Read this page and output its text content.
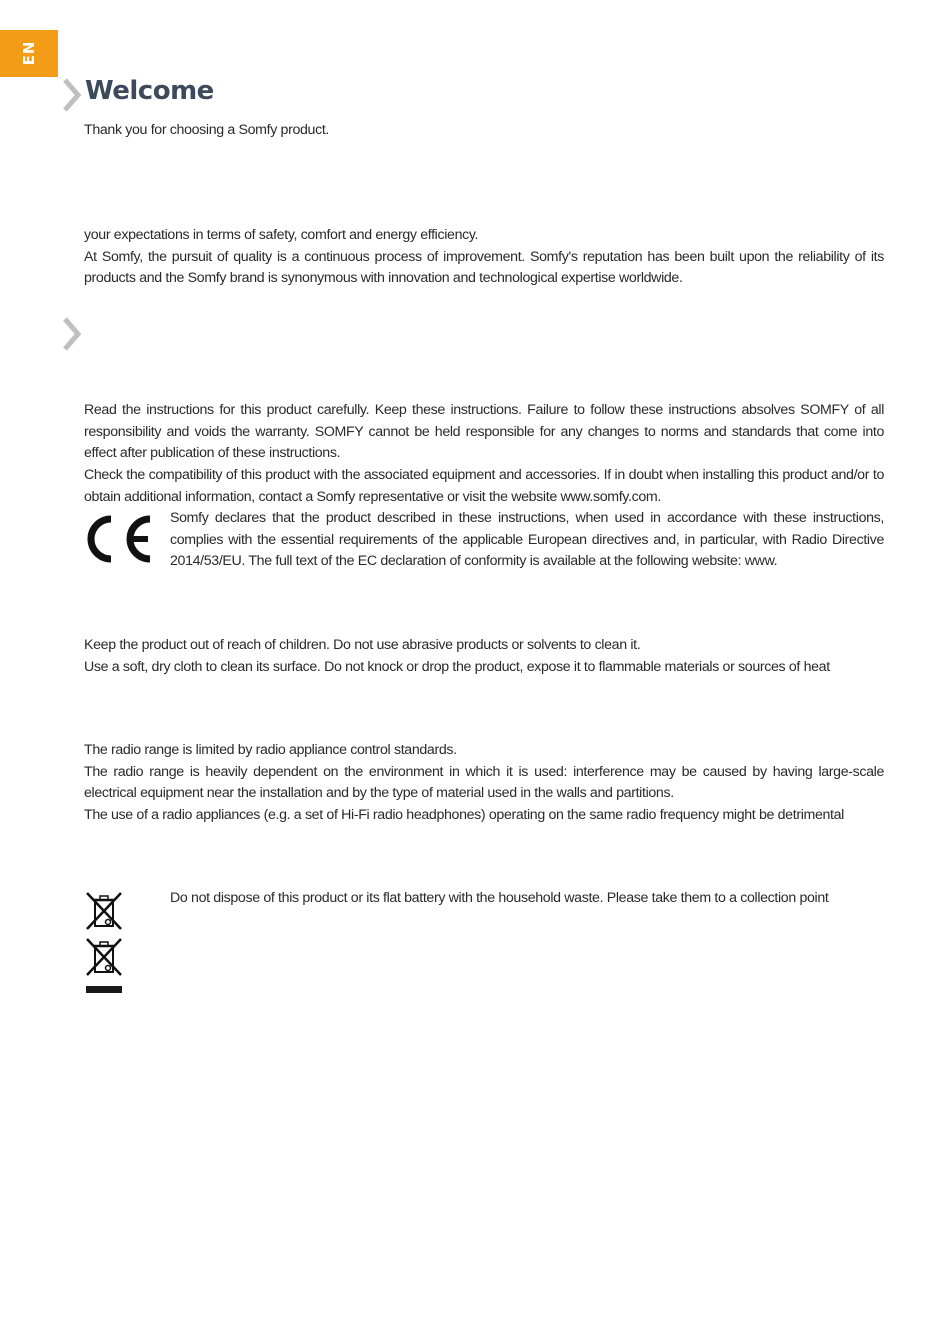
EN
Welcome

Thank you for choosing a Somfy product.

your expectations in terms of safety, comfort and energy efficiency.

At Somfy, the pursuit of quality is a continuous process of improvement. Somfy's reputation has been built upon the reliability of its products and the Somfy brand is synonymous with innovation and technological expertise worldwide.

Read the instructions for this product carefully. Keep these instructions. Failure to follow these instructions absolves SOMFY of all responsibility and voids the warranty. SOMFY cannot be held responsible for any changes to norms and standards that come into effect after publication of these instructions.

Check the compatibility of this product with the associated equipment and accessories. If in doubt when installing this product and/or to obtain additional information, contact a Somfy representative or visit the website www.somfy.com.

Somfy declares that the product described in these instructions, when used in accordance with these instructions, complies with the essential requirements of the applicable European directives and, in particular, with Radio Directive 2014/53/EU. The full text of the EC declaration of conformity is available at the following website: www.

Keep the product out of reach of children. Do not use abrasive products or solvents to clean it.

Use a soft, dry cloth to clean its surface. Do not knock or drop the product, expose it to flammable materials or sources of heat

The radio range is limited by radio appliance control standards.

The radio range is heavily dependent on the environment in which it is used: interference may be caused by having large-scale electrical equipment near the installation and by the type of material used in the walls and partitions.

The use of a radio appliances (e.g. a set of Hi-Fi radio headphones) operating on the same radio frequency might be detrimental

Do not dispose of this product or its flat battery with the household waste. Please take them to a collection point
